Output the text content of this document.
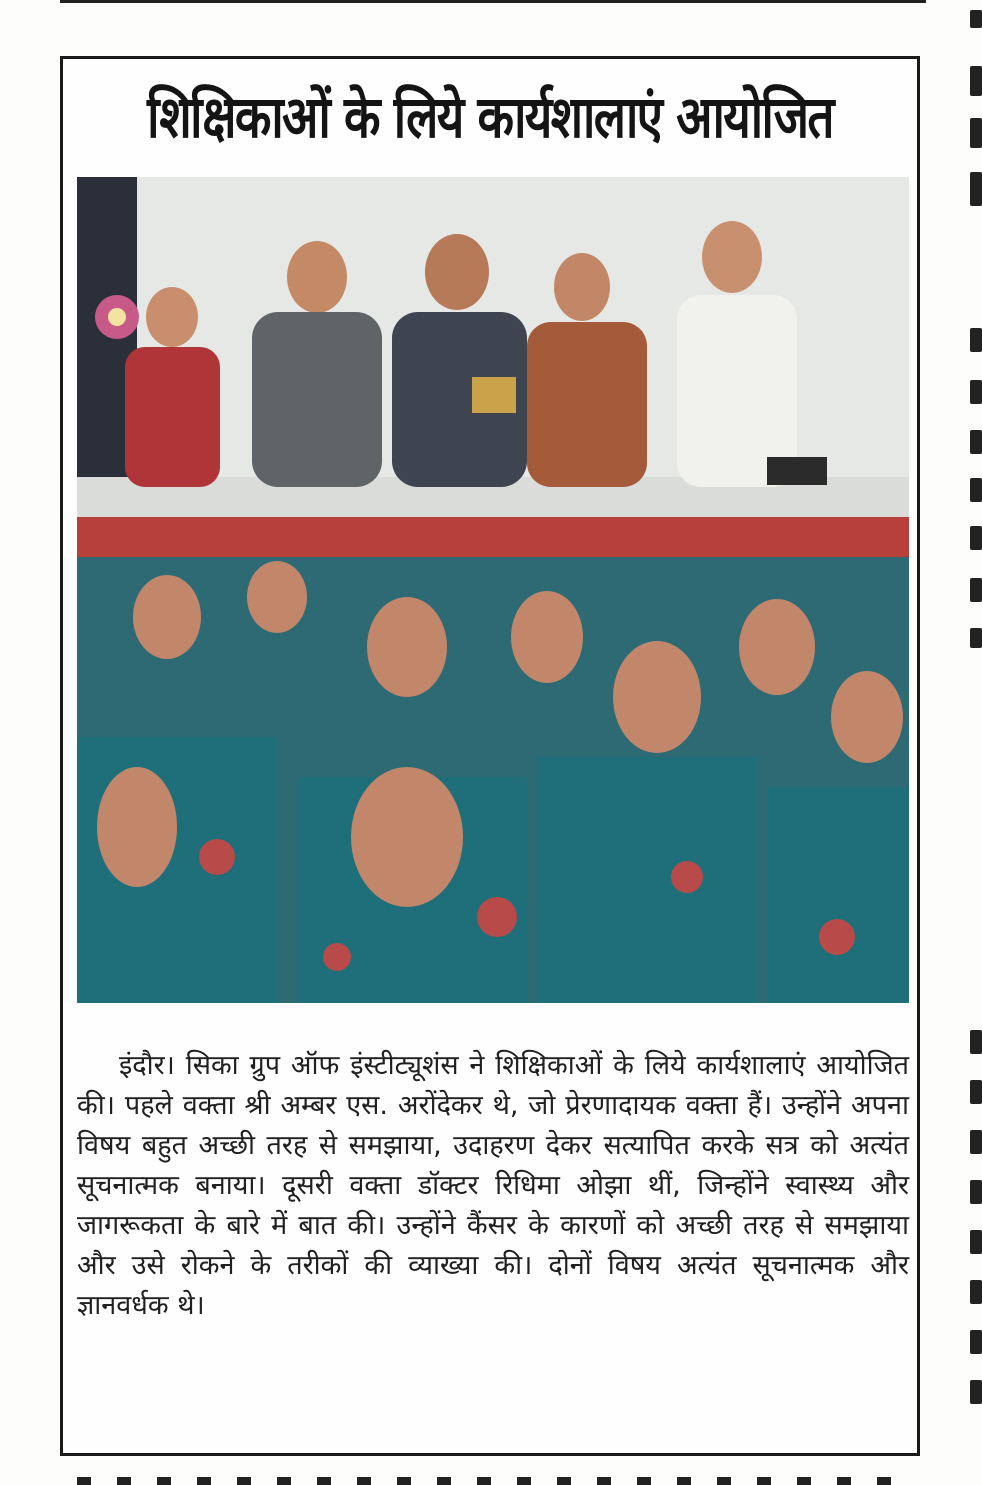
शिक्षिकाओं के लिये कार्यशालाएं आयोजित

इंदौर। सिका ग्रुप ऑफ इंस्टीट्यूशंस ने शिक्षिकाओं के लिये कार्यशालाएं आयोजित की। पहले वक्ता श्री अम्बर एस. अरोंदेकर थे, जो प्रेरणादायक वक्ता हैं। उन्होंने अपना विषय बहुत अच्छी तरह से समझाया, उदाहरण देकर सत्यापित करके सत्र को अत्यंत सूचनात्मक बनाया। दूसरी वक्ता डॉक्टर रिधिमा ओझा थीं, जिन्होंने स्वास्थ्य और जागरूकता के बारे में बात की। उन्होंने कैंसर के कारणों को अच्छी तरह से समझाया और उसे रोकने के तरीकों की व्याख्या की। दोनों विषय अत्यंत सूचनात्मक और ज्ञानवर्धक थे।
